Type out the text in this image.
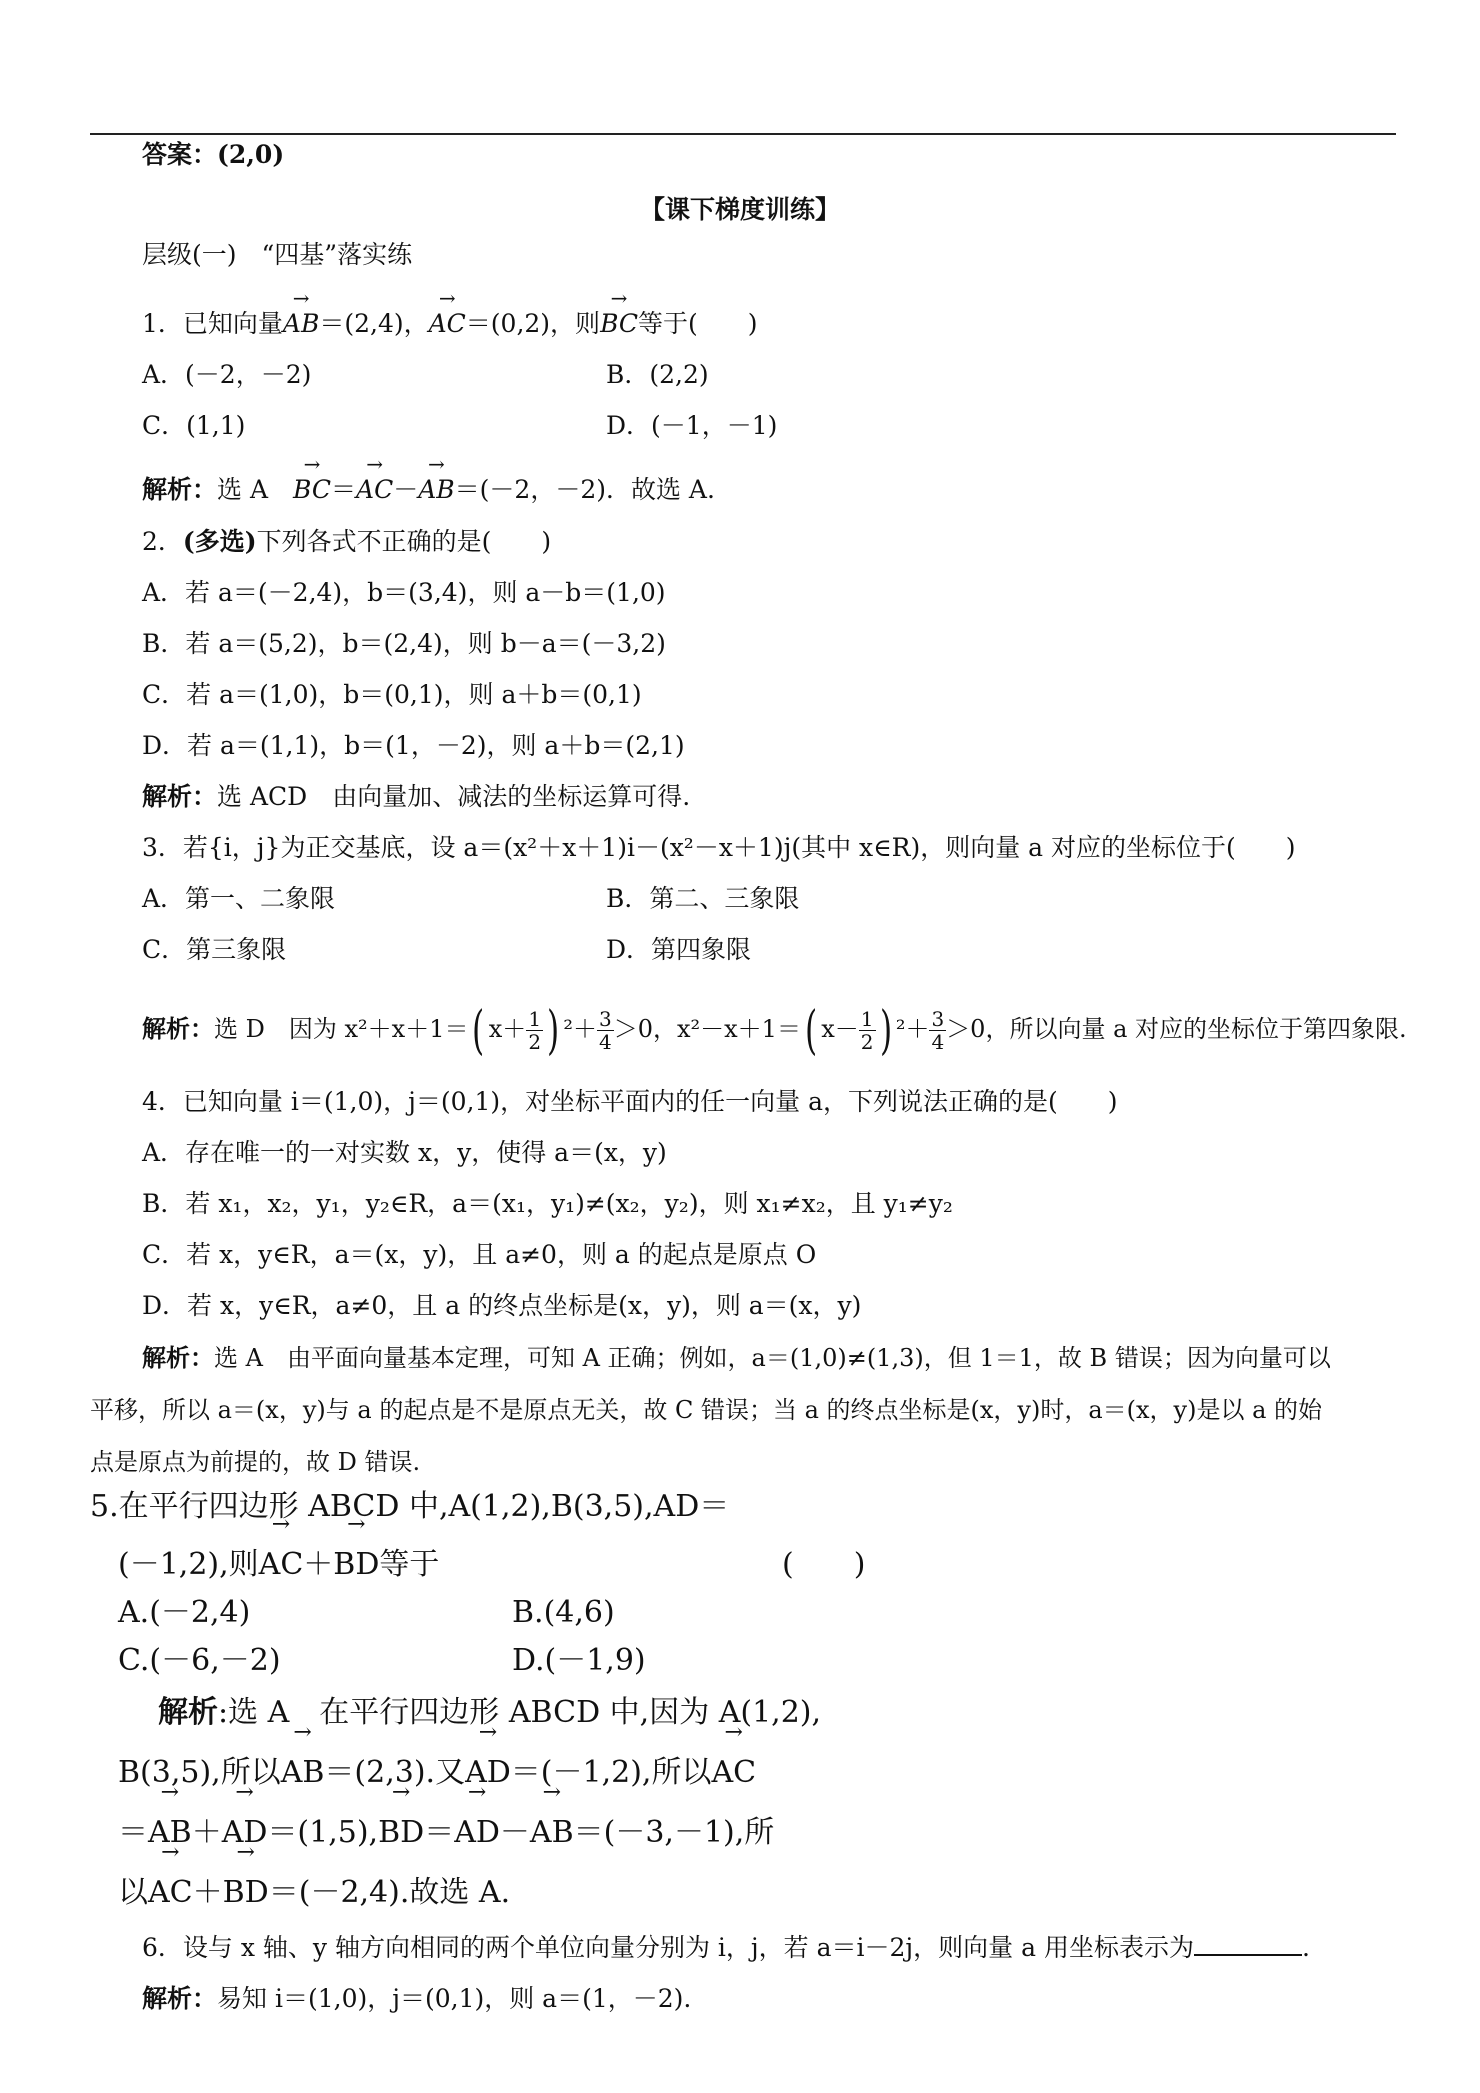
答案：(2,0)
【课下梯度训练】
层级(一)　“四基”落实练
1．已知向量→ AB＝(2,4)，→ AC＝(0,2)，则→ BC等于(　　)
A．(－2，－2)	B．(2,2)
C．(1,1)	D．(－1，－1)
解析：选 A　→ BC＝→ AC－→ AB＝(－2，－2)．故选 A.
2．(多选)下列各式不正确的是(　　)
A．若 a＝(－2,4)，b＝(3,4)，则 a－b＝(1,0)
B．若 a＝(5,2)，b＝(2,4)，则 b－a＝(－3,2)
C．若 a＝(1,0)，b＝(0,1)，则 a＋b＝(0,1)
D．若 a＝(1,1)，b＝(1，－2)，则 a＋b＝(2,1)
解析：选 ACD　由向量加、减法的坐标运算可得.
3．若{i，j}为正交基底，设 a＝(x²＋x＋1)i－(x²－x＋1)j(其中 x∈R)，则向量 a 对应的坐标位于(　　)
A．第一、二象限	B．第二、三象限
C．第三象限	D．第四象限
解析：选 D　因为 x²＋x＋1＝( $x+ \frac{1}{2}$ ) $^2+ \frac{3}{4} >0$，x²－x＋1＝( $x- \frac{1}{2}$ ) $^2+ \frac{3}{4} >0$，所以向量 a 对应的坐标位于第四象限.
4．已知向量 i＝(1,0)，j＝(0,1)，对坐标平面内的任一向量 a，下列说法正确的是(　　)
A．存在唯一的一对实数 x，y，使得 a＝(x，y)
B．若 x₁，x₂，y₁，y₂∈R，a＝(x₁，y₁)≠(x₂，y₂)，则 x₁≠x₂，且 y₁≠y₂
C．若 x，y∈R，a＝(x，y)，且 a≠0，则 a 的起点是原点 O
D．若 x，y∈R，a≠0，且 a 的终点坐标是(x，y)，则 a＝(x，y)
解析：选 A　由平面向量基本定理，可知 A 正确；例如，a＝(1,0)≠(1,3)，但 1＝1，故 B 错误；因为向量可以
平移，所以 a＝(x，y)与 a 的起点是不是原点无关，故 C 错误；当 a 的终点坐标是(x，y)时，a＝(x，y)是以 a 的始
点是原点为前提的，故 D 错误.
5.在平行四边形 ABCD 中,A(1,2),B(3,5),AD＝
(－1,2),则→ AC＋→ BD等于	(　　)
A.(－2,4)	B.(4,6)
C.(－6,－2)	D.(－1,9)
解析:选 A　在平行四边形 ABCD 中,因为 A(1,2),
B(3,5),所以→ AB＝(2,3).又→ AD＝(－1,2),所以→ AC
＝→ AB＋→ AD＝(1,5),→ BD＝→ AD－→ AB＝(－3,－1),所
以→ AC＋→ BD＝(－2,4).故选 A.
6．设与 x 轴、y 轴方向相同的两个单位向量分别为 i，j，若 a＝i－2j，则向量 a 用坐标表示为	.
解析：易知 i＝(1,0)，j＝(0,1)，则 a＝(1，－2).
